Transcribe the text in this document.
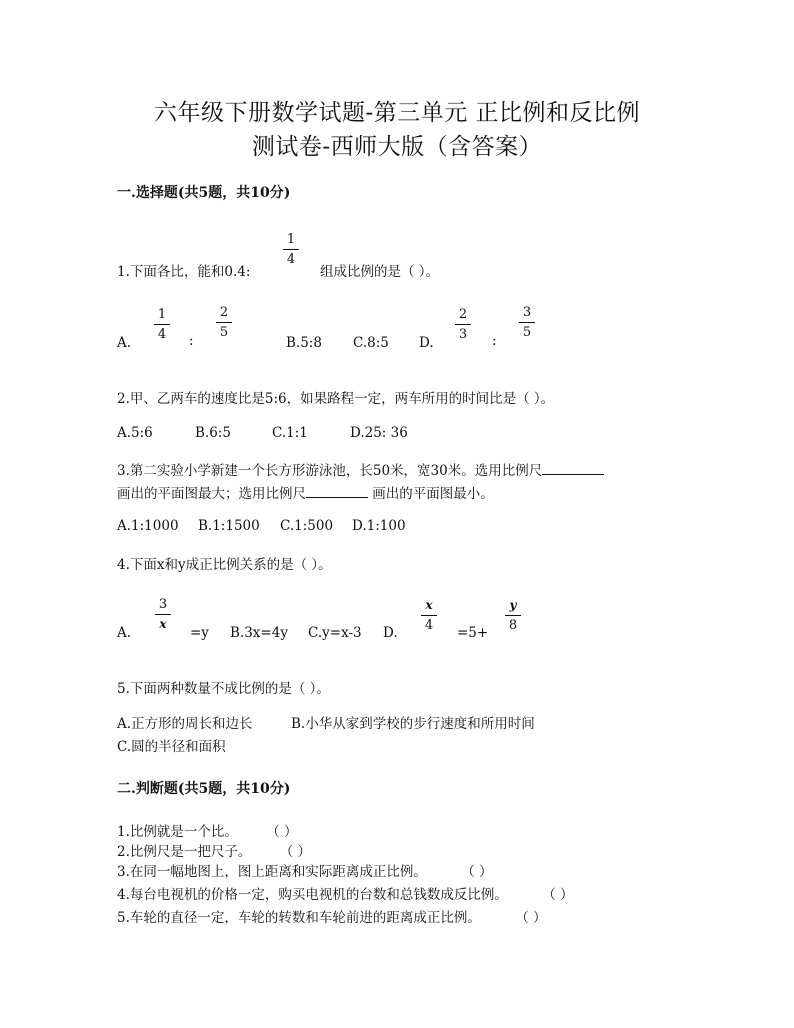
六年级下册数学试题-第三单元 正比例和反比例
测试卷-西师大版（含答案）
一.选择题(共5题，共10分)
1.下面各比，能和0.4:
1
4
组成比例的是（ ）。
A.
1
4	:
2
5
B.5:8 C.8:5 D.
2
3	:
3
5
2.甲、乙两车的速度比是5:6，如果路程一定，两车所用的时间比是（ ）。
A.5:6	B.6:5	C.1:1	D.25: 36
3.第二实验小学新建一个长方形游泳池，长50米，宽30米。选用比例尺
画出的平面图最大；选用比例尺	画出的平面图最小。
A.1:1000 B.1:1500 C.1:500 D.1:100
4.下面x和y成正比例关系的是（ ）。
A.
3
x
=y B.3x=4y C.y=x-3 D.
x
4	=5+
y
8
5.下面两种数量不成比例的是（ ）。
A.正方形的周长和边长	B.小华从家到学校的步行速度和所用时间
C.圆的半径和面积
二.判断题(共5题，共10分)
1.比例就是一个比。 （ ）
2.比例尺是一把尺子。 （ ）
3.在同一幅地图上，图上距离和实际距离成正比例。	（ ）
4.每台电视机的价格一定，购买电视机的台数和总钱数成反比例。	（ ）
5.车轮的直径一定，车轮的转数和车轮前进的距离成正比例。	（ ）
